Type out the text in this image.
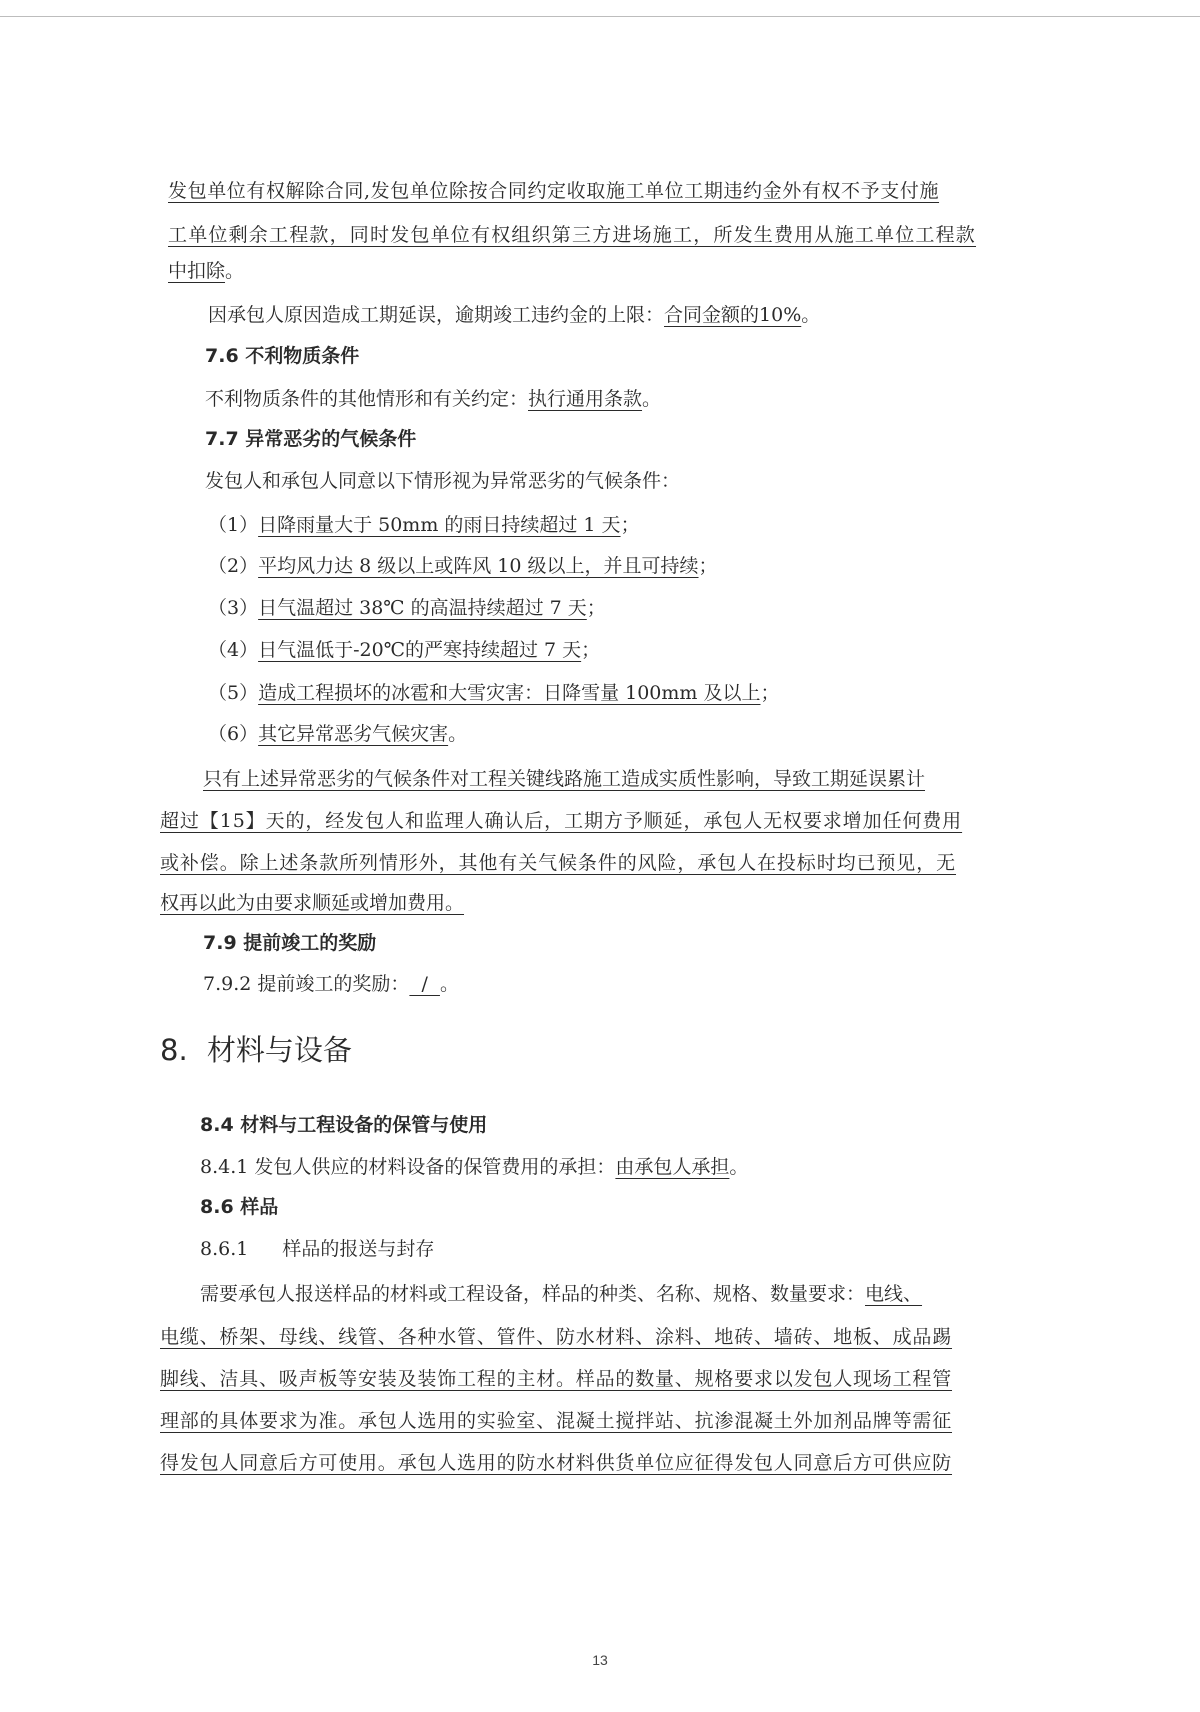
发包单位有权解除合同,发包单位除按合同约定收取施工单位工期违约金外有权不予支付施
工单位剩余工程款，同时发包单位有权组织第三方进场施工，所发生费用从施工单位工程款
中扣除。
因承包人原因造成工期延误，逾期竣工违约金的上限：合同金额的10%。
7.6 不利物质条件
不利物质条件的其他情形和有关约定：执行通用条款。
7.7 异常恶劣的气候条件
发包人和承包人同意以下情形视为异常恶劣的气候条件：
（1）日降雨量大于 50mm 的雨日持续超过 1 天；
（2）平均风力达 8 级以上或阵风 10 级以上，并且可持续；
（3）日气温超过 38℃ 的高温持续超过 7 天；
（4）日气温低于-20℃的严寒持续超过 7 天；
（5）造成工程损坏的冰雹和大雪灾害：日降雪量 100mm 及以上；
（6）其它异常恶劣气候灾害。
只有上述异常恶劣的气候条件对工程关键线路施工造成实质性影响，导致工期延误累计
超过【15】天的，经发包人和监理人确认后，工期方予顺延，承包人无权要求增加任何费用
或补偿。除上述条款所列情形外，其他有关气候条件的风险，承包人在投标时均已预见，无
权再以此为由要求顺延或增加费用。
7.9 提前竣工的奖励
7.9.2 提前竣工的奖励：  /  。
8. 材料与设备
8.4 材料与工程设备的保管与使用
8.4.1 发包人供应的材料设备的保管费用的承担：由承包人承担。
8.6 样品
8.6.1 样品的报送与封存
需要承包人报送样品的材料或工程设备，样品的种类、名称、规格、数量要求：电线、
电缆、桥架、母线、线管、各种水管、管件、防水材料、涂料、地砖、墙砖、地板、成品踢
脚线、洁具、吸声板等安装及装饰工程的主材。样品的数量、规格要求以发包人现场工程管
理部的具体要求为准。承包人选用的实验室、混凝土搅拌站、抗渗混凝土外加剂品牌等需征
得发包人同意后方可使用。承包人选用的防水材料供货单位应征得发包人同意后方可供应防
13
